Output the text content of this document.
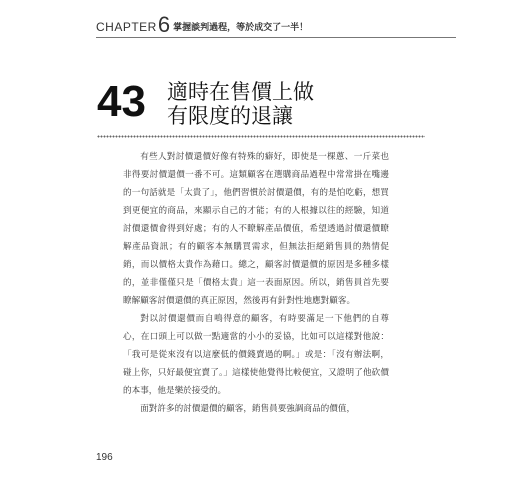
CHAPTER 6 掌握談判過程，等於成交了一半！
43 適時在售價上做
有限度的退讓

有些人對討價還價好像有特殊的癖好，即使是一棵蔥、一斤菜也非得要討價還價一番不可。這類顧客在選購商品過程中常常掛在嘴邊的一句話就是「太貴了」，他們習慣於討價還價，有的是怕吃虧，想買到更便宜的商品，來顯示自己的才能；有的人根據以往的經驗，知道討價還價會得到好處；有的人不瞭解產品價值，希望透過討價還價瞭解產品資訊；有的顧客本無購買需求，但無法拒絕銷售員的熱情促銷，而以價格太貴作為藉口。總之，顧客討價還價的原因是多種多樣的，並非僅僅只是「價格太貴」這一表面原因。所以，銷售員首先要瞭解顧客討價還價的真正原因，然後再有針對性地應對顧客。

對以討價還價而自鳴得意的顧客，有時要滿足一下他們的自尊心，在口頭上可以做一點適當的小小的妥協，比如可以這樣對他說：「我可是從來沒有以這麼低的價錢賣過的啊。」或是：「沒有辦法啊，碰上你，只好最便宜賣了。」這樣使他覺得比較便宜，又證明了他砍價的本事，他是樂於接受的。

面對許多的討價還價的顧客，銷售員要強調商品的價值，

196
